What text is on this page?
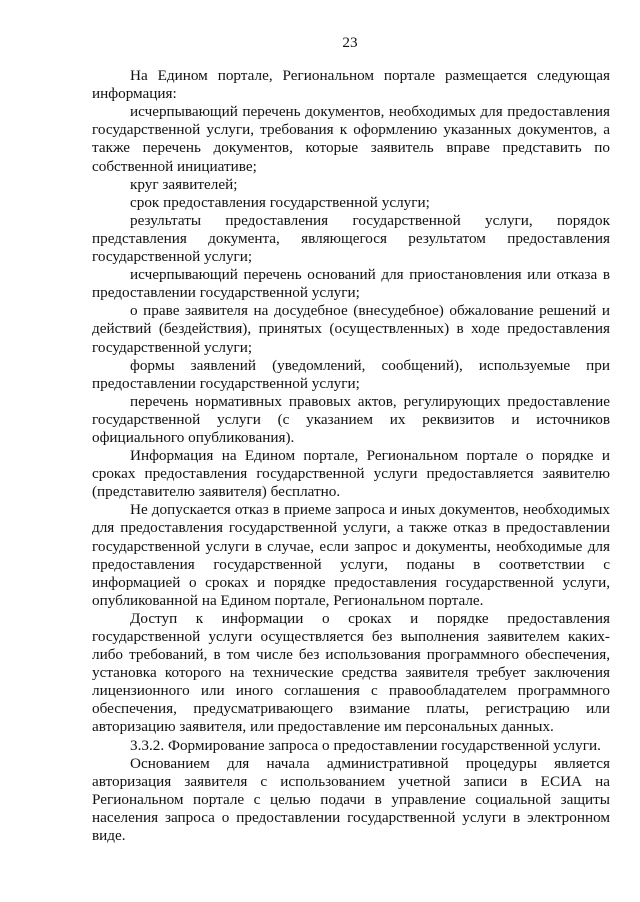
23

На Едином портале, Региональном портале размещается следующая информация:

исчерпывающий перечень документов, необходимых для предоставления государственной услуги, требования к оформлению указанных документов, а также перечень документов, которые заявитель вправе представить по собственной инициативе;

круг заявителей;

срок предоставления государственной услуги;

результаты предоставления государственной услуги, порядок представления документа, являющегося результатом предоставления государственной услуги;

исчерпывающий перечень оснований для приостановления или отказа в предоставлении государственной услуги;

о праве заявителя на досудебное (внесудебное) обжалование решений и действий (бездействия), принятых (осуществленных) в ходе предоставления государственной услуги;

формы заявлений (уведомлений, сообщений), используемые при предоставлении государственной услуги;

перечень нормативных правовых актов, регулирующих предоставление государственной услуги (с указанием их реквизитов и источников официального опубликования).

Информация на Едином портале, Региональном портале о порядке и сроках предоставления государственной услуги предоставляется заявителю (представителю заявителя) бесплатно.

Не допускается отказ в приеме запроса и иных документов, необходимых для предоставления государственной услуги, а также отказ в предоставлении государственной услуги в случае, если запрос и документы, необходимые для предоставления государственной услуги, поданы в соответствии с информацией о сроках и порядке предоставления государственной услуги, опубликованной на Едином портале, Региональном портале.

Доступ к информации о сроках и порядке предоставления государственной услуги осуществляется без выполнения заявителем каких-либо требований, в том числе без использования программного обеспечения, установка которого на технические средства заявителя требует заключения лицензионного или иного соглашения с правообладателем программного обеспечения, предусматривающего взимание платы, регистрацию или авторизацию заявителя, или предоставление им персональных данных.

3.3.2. Формирование запроса о предоставлении государственной услуги.

Основанием для начала административной процедуры является авторизация заявителя с использованием учетной записи в ЕСИА на Региональном портале с целью подачи в управление социальной защиты населения запроса о предоставлении государственной услуги в электронном виде.
